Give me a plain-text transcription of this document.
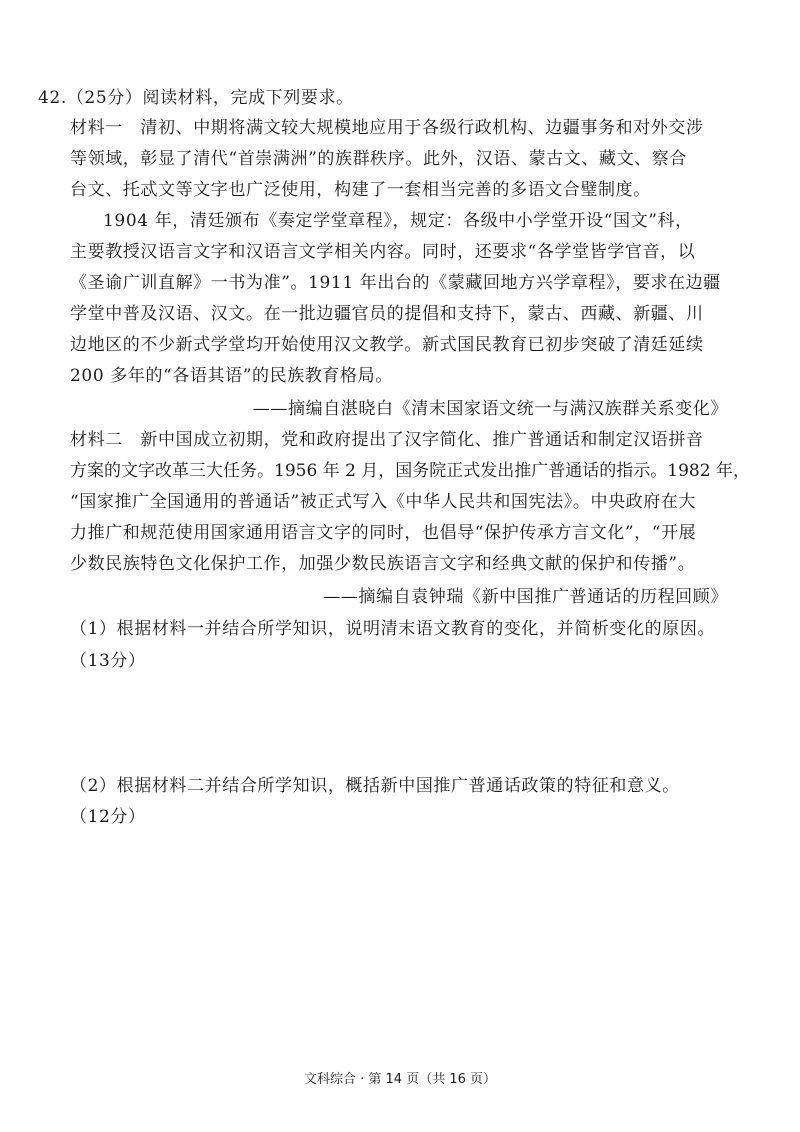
42.（25分）阅读材料，完成下列要求。
材料一　清初、中期将满文较大规模地应用于各级行政机构、边疆事务和对外交涉
等领域，彰显了清代“首崇满洲”的族群秩序。此外，汉语、蒙古文、藏文、察合
台文、托忒文等文字也广泛使用，构建了一套相当完善的多语文合璧制度。
1904 年，清廷颁布《奏定学堂章程》，规定：各级中小学堂开设“国文”科，
主要教授汉语言文字和汉语言文学相关内容。同时，还要求“各学堂皆学官音，以
《圣谕广训直解》一书为准”。1911 年出台的《蒙藏回地方兴学章程》，要求在边疆
学堂中普及汉语、汉文。在一批边疆官员的提倡和支持下，蒙古、西藏、新疆、川
边地区的不少新式学堂均开始使用汉文教学。新式国民教育已初步突破了清廷延续
200 多年的“各语其语”的民族教育格局。
——摘编自湛晓白《清末国家语文统一与满汉族群关系变化》
材料二　新中国成立初期，党和政府提出了汉字简化、推广普通话和制定汉语拼音
方案的文字改革三大任务。1956 年 2 月，国务院正式发出推广普通话的指示。1982 年，
“国家推广全国通用的普通话”被正式写入《中华人民共和国宪法》。中央政府在大
力推广和规范使用国家通用语言文字的同时，也倡导“保护传承方言文化”，“开展
少数民族特色文化保护工作，加强少数民族语言文字和经典文献的保护和传播”。
——摘编自袁钟瑞《新中国推广普通话的历程回顾》
（1）根据材料一并结合所学知识，说明清末语文教育的变化，并简析变化的原因。
（13分）
（2）根据材料二并结合所学知识，概括新中国推广普通话政策的特征和意义。
（12分）
文科综合 · 第 14 页（共 16 页）
